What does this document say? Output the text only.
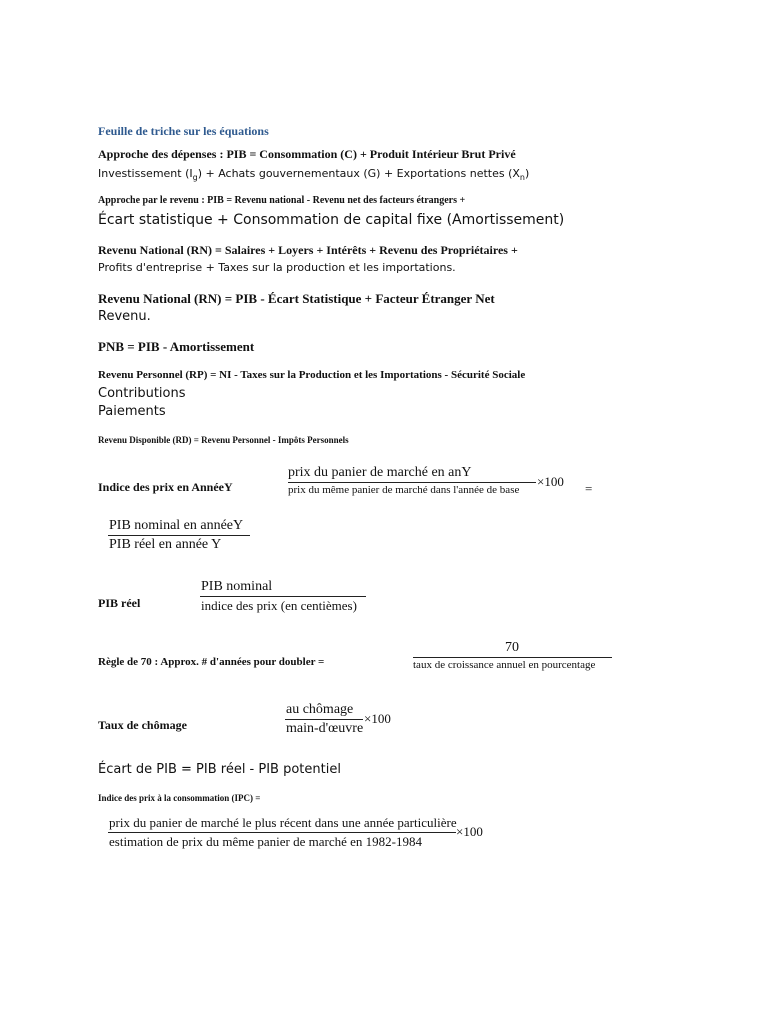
Feuille de triche sur les équations
Approche des dépenses : PIB = Consommation (C) + Produit Intérieur Brut Privé
Investissement $(I_g)$ + Achats gouvernementaux (G) + Exportations nettes $(X_n)$
Approche par le revenu : PIB = Revenu national - Revenu net des facteurs étrangers +
Écart statistique + Consommation de capital fixe (Amortissement)
Revenu National (RN) = Salaires + Loyers + Intérêts + Revenu des Propriétaires +
Profits d'entreprise + Taxes sur la production et les importations.
Revenu National (RN) = PIB - Écart Statistique + Facteur Étranger Net
Revenu.
PNB = PIB - Amortissement
Revenu Personnel (RP) = NI - Taxes sur la Production et les Importations - Sécurité Sociale
Contributions
Paiements
Revenu Disponible (RD) = Revenu Personnel - Impôts Personnels
Indice des prix en AnnéeY
prix du panier de marché en anY
prix du même panier de marché dans l'année de base
×100 =
PIB nominal en annéeY
PIB réel en année Y
PIB réel
PIB nominal
indice des prix (en centièmes)
Règle de 70 : Approx. # d'années pour doubler =
70
taux de croissance annuel en pourcentage
Taux de chômage
au chômage
main-d'œuvre
×100
Écart de PIB = PIB réel - PIB potentiel
Indice des prix à la consommation (IPC) =
prix du panier de marché le plus récent dans une année particulière
estimation de prix du même panier de marché en 1982-1984
×100
